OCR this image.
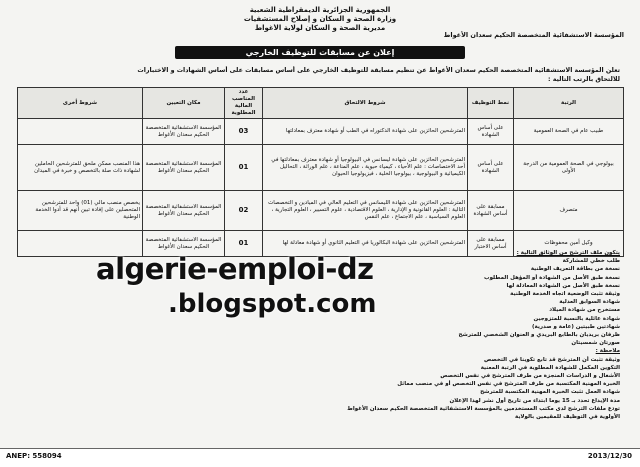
الجمهورية الجزائرية الديمقراطية الشعبية
وزارة الصحة و السكان و إصلاح المستشفيات
مديرية الصحة و السكان لولاية الأغواط
المؤسسة الاستشفائية المتخصصة الحكيم سعدان الأغواط
إعلان عن مسابقات للتوظيف الخارجي
تعلن المؤسسة الاستشفائية المتخصصة الحكيم سعدان الأغواط عن تنظيم مسابقة للتوظيف الخارجي على أساس مسابقات على أساس الشهادات و الاختبارات
للالتحاق بالرتب التالية :
الرتبة	نمط التوظيف	شروط الالتحاق	عدد المناصب المالية المطلوبة	مكان التعيين	شروط أخرى
طبيب عام في الصحة العمومية	على أساس الشهادة	المترشحين الحائزين على شهادة الدكتوراه في الطب أو شهادة معترف بمعادلتها	03	المؤسسة الاستشفائية المتخصصة الحكيم سعدان الأغواط	
بيولوجي في الصحة العمومية من الدرجة الأولى	على أساس الشهادة	المترشحين الحائزين على شهادة ليسانس في البيولوجيا أو شهادة معترف بمعادلتها في أحد الاختصاصات : علم الأحياء ، كيمياء حيوية ، علم المناعة ، علم الوراثة ، التحاليل الكيميائية و البيولوجية ، بيولوجيا الخلية ، فيزيولوجيا الحيوان	01	المؤسسة الاستشفائية المتخصصة الحكيم سعدان الأغواط	هذا المنصب ممكن ملحق للمترشحين الحاملين لشهادة ذات صلة بالتخصص و خبرة في الميدان
متصرف	مسابقة على أساس الشهادة	المترشحين الحائزين على شهادة الليسانس في التعليم العالي في الميادين و التخصصات التالية : العلوم القانونية و الإدارية ، العلوم الاقتصادية ، علوم التسيير ، العلوم التجارية ، العلوم السياسية ، علم الاجتماع ، علم النفس	02	المؤسسة الاستشفائية المتخصصة الحكيم سعدان الأغواط	يخصص منصب مالي (01) واحد للمترشحين المتحصلين على إفادة تبين أنهم قد أدوا الخدمة الوطنية
وكيل أمين محفوظات	مسابقة على أساس الاختبار	المترشحين الحائزين على شهادة البكالوريا في التعليم الثانوي أو شهادة معادلة لها	01	المؤسسة الاستشفائية المتخصصة الحكيم سعدان الأغواط	
يتكون ملف الترشح من الوثائق التالية :
طلب خطي للمشاركة
نسخة من بطاقة التعريف الوطنية
نسخة طبق الأصل من الشهادة أو المؤهل المطلوب
نسخة طبق الأصل من الشهادة المعادلة لها
وثيقة تثبت الوضعية اتجاه الخدمة الوطنية
شهادة السوابق العدلية
مستخرج من شهادة الميلاد
شهادة عائلية بالنسبة للمتزوجين
شهادتين طبيتين (عامة و صدرية)
ظرفان بريديان بالطابع البريدي و العنوان الشخصي للمترشح
صورتان شمسيتان
ملاحظة :
وثيقة تثبت أن المترشح قد تابع تكوينا في التخصص
التكوين المكمل للشهادة المطلوبة في الرتبة المعنية
الأشغال و الدراسات المنجزة من طرف المترشح في نفس التخصص
الخبرة المهنية المكتسبة من طرف المترشح في نفس التخصص أو في منصب مماثل
شهادة العمل تثبت الخبرة المهنية المكتسبة للمترشح
مدة الإيداع تحدد بـ 15 يوما ابتداء من تاريخ أول نشر لهذا الإعلان
تودع ملفات الترشح لدى مكتب المستخدمين بالمؤسسة الاستشفائية المتخصصة الحكيم سعدان الأغواط
الأولوية في التوظيف للمقيمين بالولاية
algerie-emploi-dz
.blogspot.com
ANEP: 558094	2013/12/30
